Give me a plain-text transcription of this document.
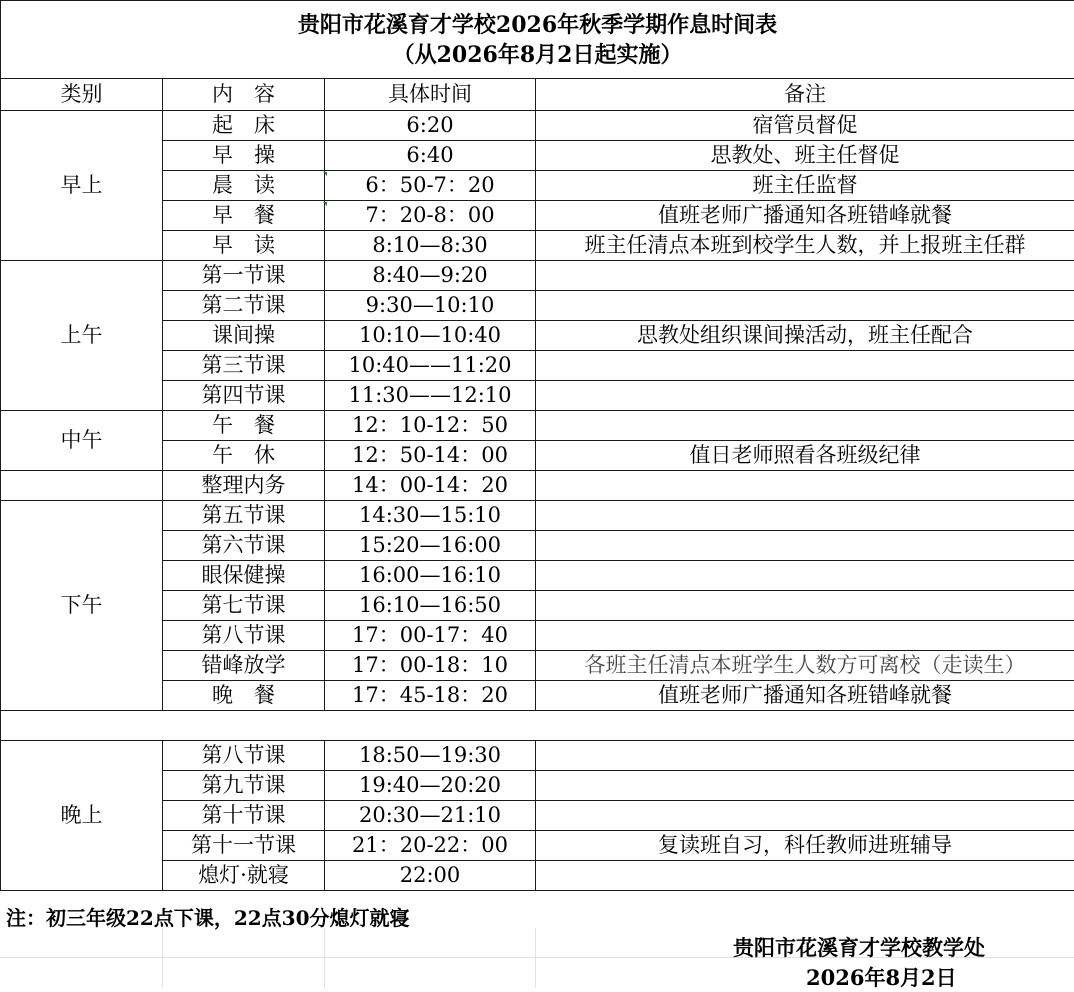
贵阳市花溪育才学校2026年秋季学期作息时间表
（从2026年8月2日起实施）			

类别	内　容	具体时间	备注
早上	起　床	6:20	宿管员督促
	早　操	6:40	思教处、班主任督促
	晨　读	6：50-7：20	班主任监督
	早　餐	7：20-8：00	值班老师广播通知各班错峰就餐
	早　读	8:10—8:30	班主任清点本班到校学生人数，并上报班主任群
上午	第一节课	8:40—9:20	
	第二节课	9:30—10:10	
	课间操	10:10—10:40	思教处组织课间操活动，班主任配合
	第三节课	10:40——11:20	
	第四节课	11:30——12:10	
中午	午　餐	12：10-12：50	
	午　休	12：50-14：00	值日老师照看各班级纪律
	整理内务	14：00-14：20	
下午	第五节课	14:30—15:10	
	第六节课	15:20—16:00	
	眼保健操	16:00—16:10	
	第七节课	16:10—16:50	
	第八节课	17：00-17：40	
	错峰放学	17：00-18：10	各班主任清点本班学生人数方可离校（走读生）
	晚　餐	17：45-18：20	值班老师广播通知各班错峰就餐

晚上	第八节课	18:50—19:30	
	第九节课	19:40—20:20	
	第十节课	20:30—21:10	
	第十一节课	21：20-22：00	复读班自习，科任教师进班辅导
	熄灯·就寝	22:00	
注：初三年级22点下课，22点30分熄灯就寝
贵阳市花溪育才学校教学处
2026年8月2日
